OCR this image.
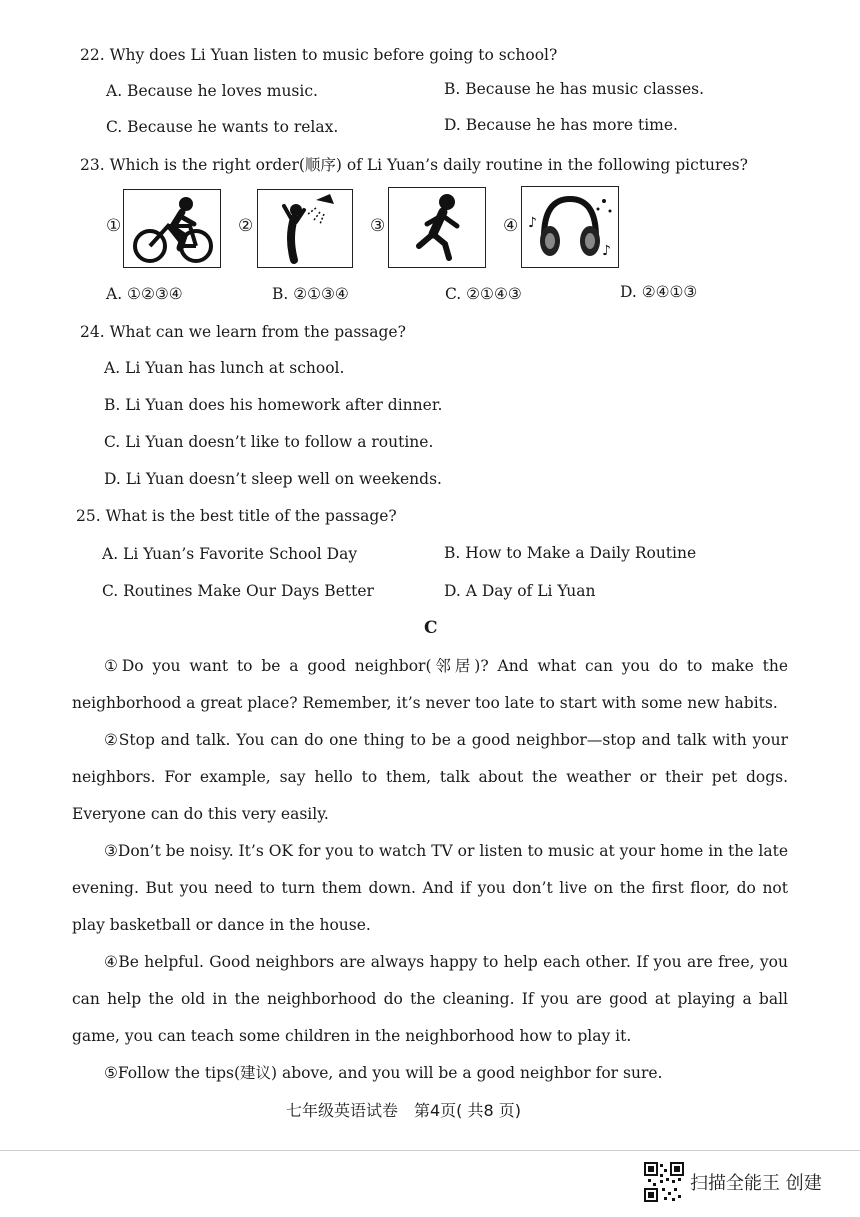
22. Why does Li Yuan listen to music before going to school?
A. Because he loves music.	B. Because he has music classes.
C. Because he wants to relax.	D. Because he has more time.
23. Which is the right order(顺序) of Li Yuan’s daily routine in the following pictures?
①	②	③	④ ♪
♪
A. ①②③④	B. ②①③④	C. ②①④③	D. ②④①③
24. What can we learn from the passage?
A. Li Yuan has lunch at school.
B. Li Yuan does his homework after dinner.
C. Li Yuan doesn’t like to follow a routine.
D. Li Yuan doesn’t sleep well on weekends.
25. What is the best title of the passage?
A. Li Yuan’s Favorite School Day	B. How to Make a Daily Routine
C. Routines Make Our Days Better	D. A Day of Li Yuan
C

①Do you want to be a good neighbor(邻居)? And what can you do to make the neighborhood a great place? Remember, it’s never too late to start with some new habits.

②Stop and talk. You can do one thing to be a good neighbor—stop and talk with your neighbors. For example, say hello to them, talk about the weather or their pet dogs. Everyone can do this very easily.

③Don’t be noisy. It’s OK for you to watch TV or listen to music at your home in the late evening. But you need to turn them down. And if you don’t live on the first floor, do not play basketball or dance in the house.

④Be helpful. Good neighbors are always happy to help each other. If you are free, you can help the old in the neighborhood do the cleaning. If you are good at playing a ball game, you can teach some children in the neighborhood how to play it.

⑤Follow the tips(建议) above, and you will be a good neighbor for sure.

七年级英语试卷　第4页( 共8 页)
扫描全能王 创建
